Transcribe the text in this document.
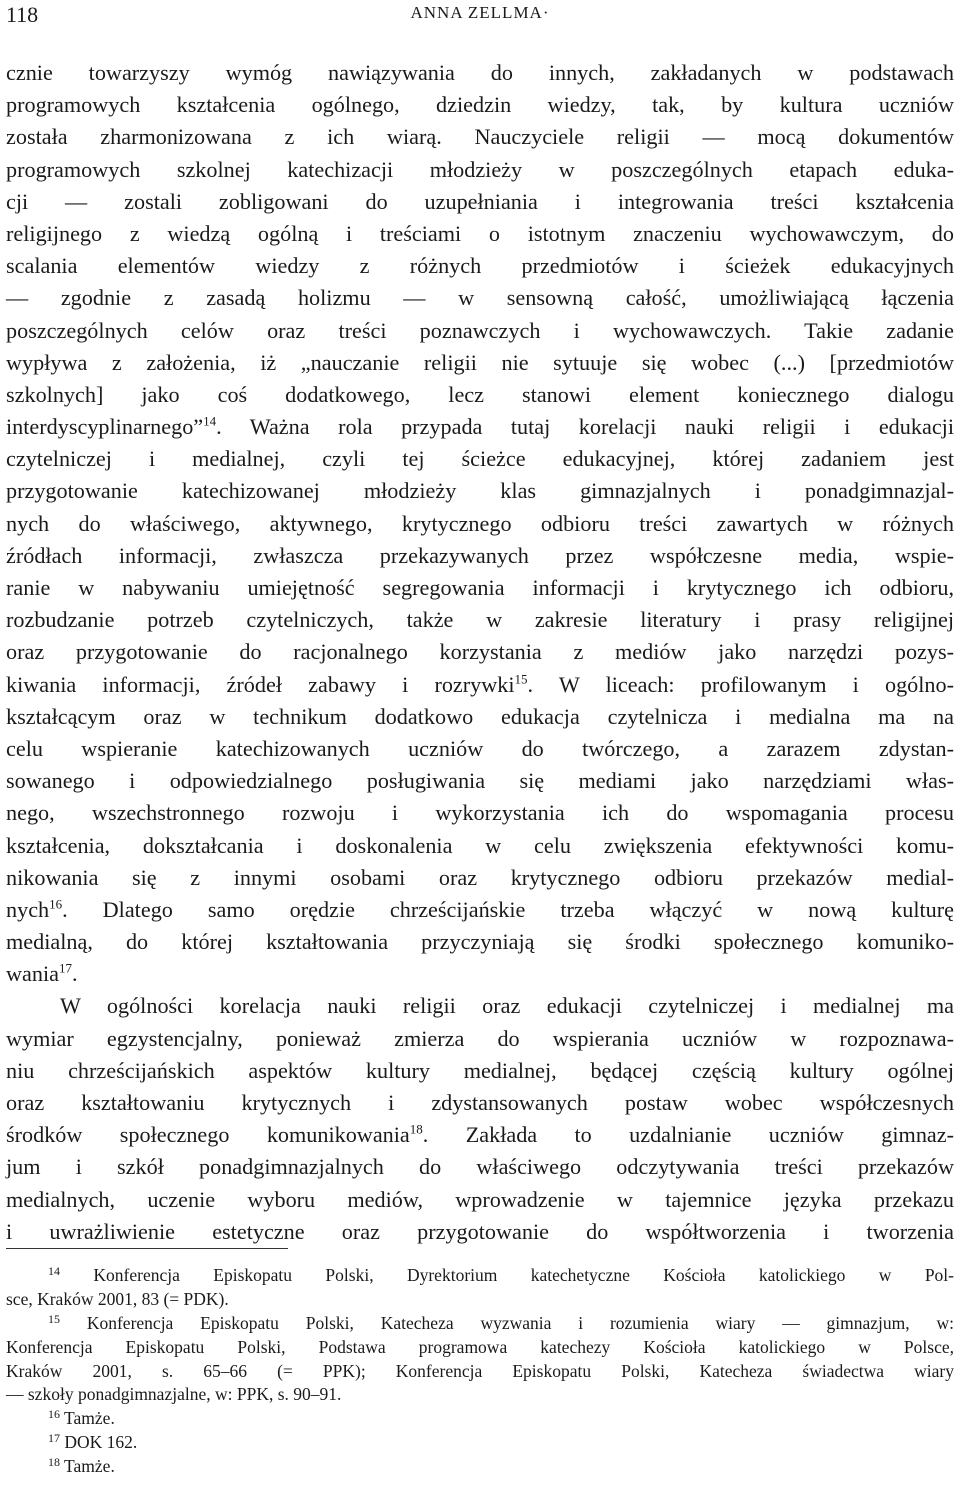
118	ANNA ZELLMA·
cznie towarzyszy wymóg nawiązywania do innych, zakładanych w podstawach
programowych kształcenia ogólnego, dziedzin wiedzy, tak, by kultura uczniów
została zharmonizowana z ich wiarą. Nauczyciele religii — mocą dokumentów
programowych szkolnej katechizacji młodzieży w poszczególnych etapach eduka-
cji — zostali zobligowani do uzupełniania i integrowania treści kształcenia
religijnego z wiedzą ogólną i treściami o istotnym znaczeniu wychowawczym, do
scalania elementów wiedzy z różnych przedmiotów i ścieżek edukacyjnych
— zgodnie z zasadą holizmu — w sensowną całość, umożliwiającą łączenia
poszczególnych celów oraz treści poznawczych i wychowawczych. Takie zadanie
wypływa z założenia, iż „nauczanie religii nie sytuuje się wobec (...) [przedmiotów
szkolnych] jako coś dodatkowego, lecz stanowi element koniecznego dialogu
interdyscyplinarnego”$^{14}$. Ważna rola przypada tutaj korelacji nauki religii i edukacji
czytelniczej i medialnej, czyli tej ścieżce edukacyjnej, której zadaniem jest
przygotowanie katechizowanej młodzieży klas gimnazjalnych i ponadgimnazjal-
nych do właściwego, aktywnego, krytycznego odbioru treści zawartych w różnych
źródłach informacji, zwłaszcza przekazywanych przez współczesne media, wspie-
ranie w nabywaniu umiejętność segregowania informacji i krytycznego ich odbioru,
rozbudzanie potrzeb czytelniczych, także w zakresie literatury i prasy religijnej
oraz przygotowanie do racjonalnego korzystania z mediów jako narzędzi pozys-
kiwania informacji, źródeł zabawy i rozrywki$^{15}$. W liceach: profilowanym i ogólno-
kształcącym oraz w technikum dodatkowo edukacja czytelnicza i medialna ma na
celu wspieranie katechizowanych uczniów do twórczego, a zarazem zdystan-
sowanego i odpowiedzialnego posługiwania się mediami jako narzędziami włas-
nego, wszechstronnego rozwoju i wykorzystania ich do wspomagania procesu
kształcenia, dokształcania i doskonalenia w celu zwiększenia efektywności komu-
nikowania się z innymi osobami oraz krytycznego odbioru przekazów medial-
nych$^{16}$. Dlatego samo orędzie chrześcijańskie trzeba włączyć w nową kulturę
medialną, do której kształtowania przyczyniają się środki społecznego komuniko-
wania$^{17}$.
W ogólności korelacja nauki religii oraz edukacji czytelniczej i medialnej ma
wymiar egzystencjalny, ponieważ zmierza do wspierania uczniów w rozpoznawa-
niu chrześcijańskich aspektów kultury medialnej, będącej częścią kultury ogólnej
oraz kształtowaniu krytycznych i zdystansowanych postaw wobec współczesnych
środków społecznego komunikowania$^{18}$. Zakłada to uzdalnianie uczniów gimnaz-
jum i szkół ponadgimnazjalnych do właściwego odczytywania treści przekazów
medialnych, uczenie wyboru mediów, wprowadzenie w tajemnice języka przekazu
i uwrażliwienie estetyczne oraz przygotowanie do współtworzenia i tworzenia
$^{14}$ Konferencja Episkopatu Polski, Dyrektorium katechetyczne Kościoła katolickiego w Pol-
sce, Kraków 2001, 83 (= PDK).
$^{15}$ Konferencja Episkopatu Polski, Katecheza wyzwania i rozumienia wiary — gimnazjum, w:
Konferencja Episkopatu Polski, Podstawa programowa katechezy Kościoła katolickiego w Polsce,
Kraków 2001, s. 65–66 (= PPK); Konferencja Episkopatu Polski, Katecheza świadectwa wiary
— szkoły ponadgimnazjalne, w: PPK, s. 90–91.
$^{16}$ Tamże.
$^{17}$ DOK 162.
$^{18}$ Tamże.
